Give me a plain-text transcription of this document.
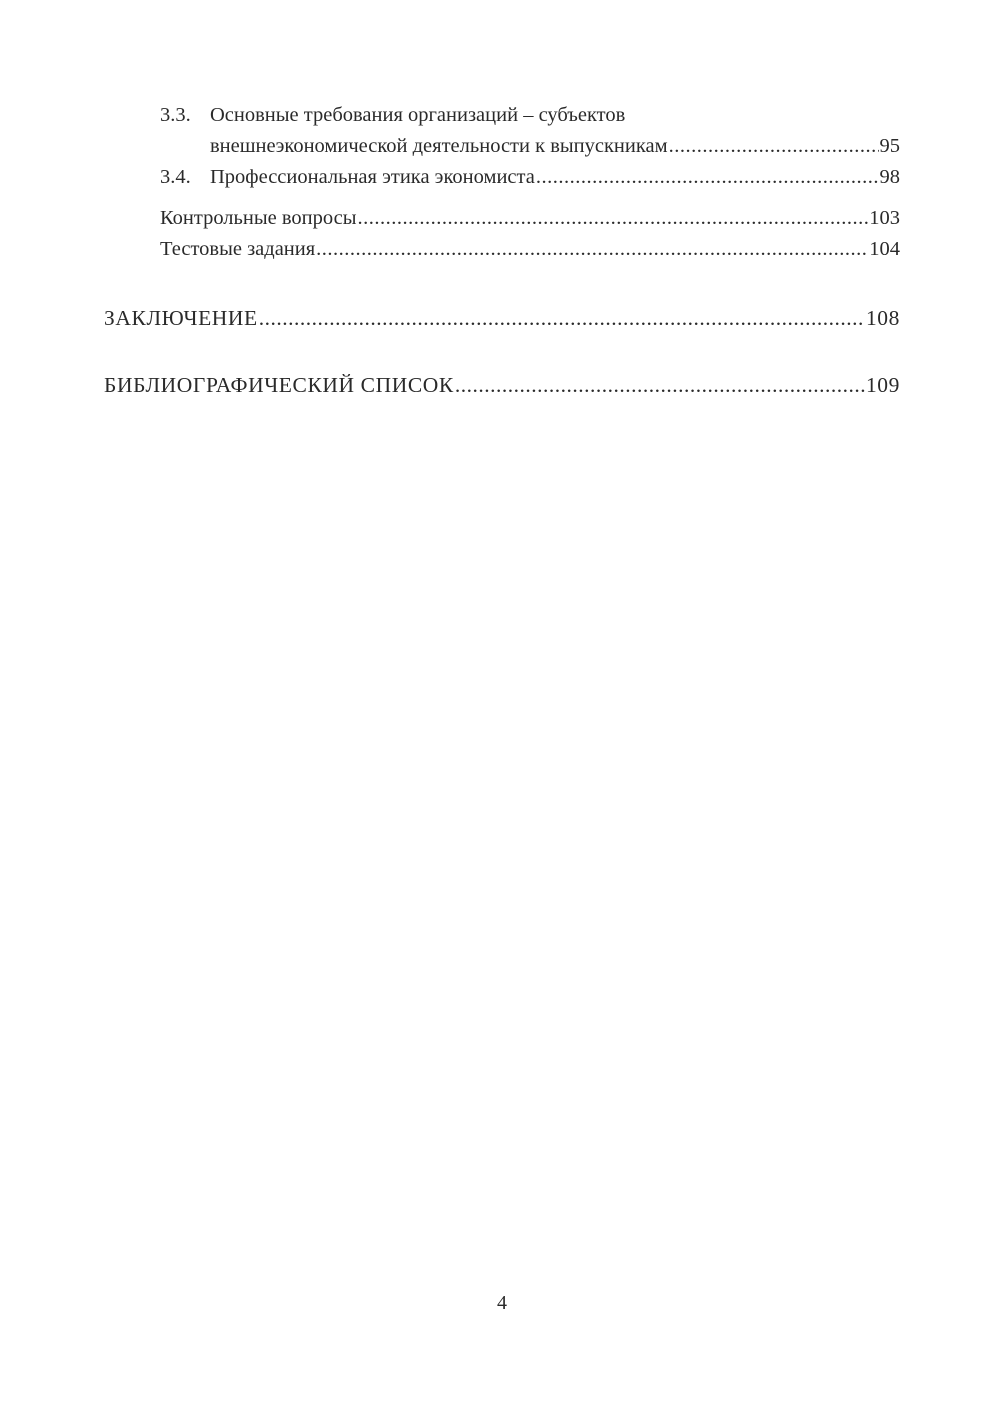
3.3. Основные требования организаций – субъектов
внешнеэкономической деятельности к выпускникам .....	95
3.4. Профессиональная этика экономиста .....	98
Контрольные вопросы .....	103
Тестовые задания .....	104
ЗАКЛЮЧЕНИЕ .....	108
БИБЛИОГРАФИЧЕСКИЙ СПИСОК .....	109
4
